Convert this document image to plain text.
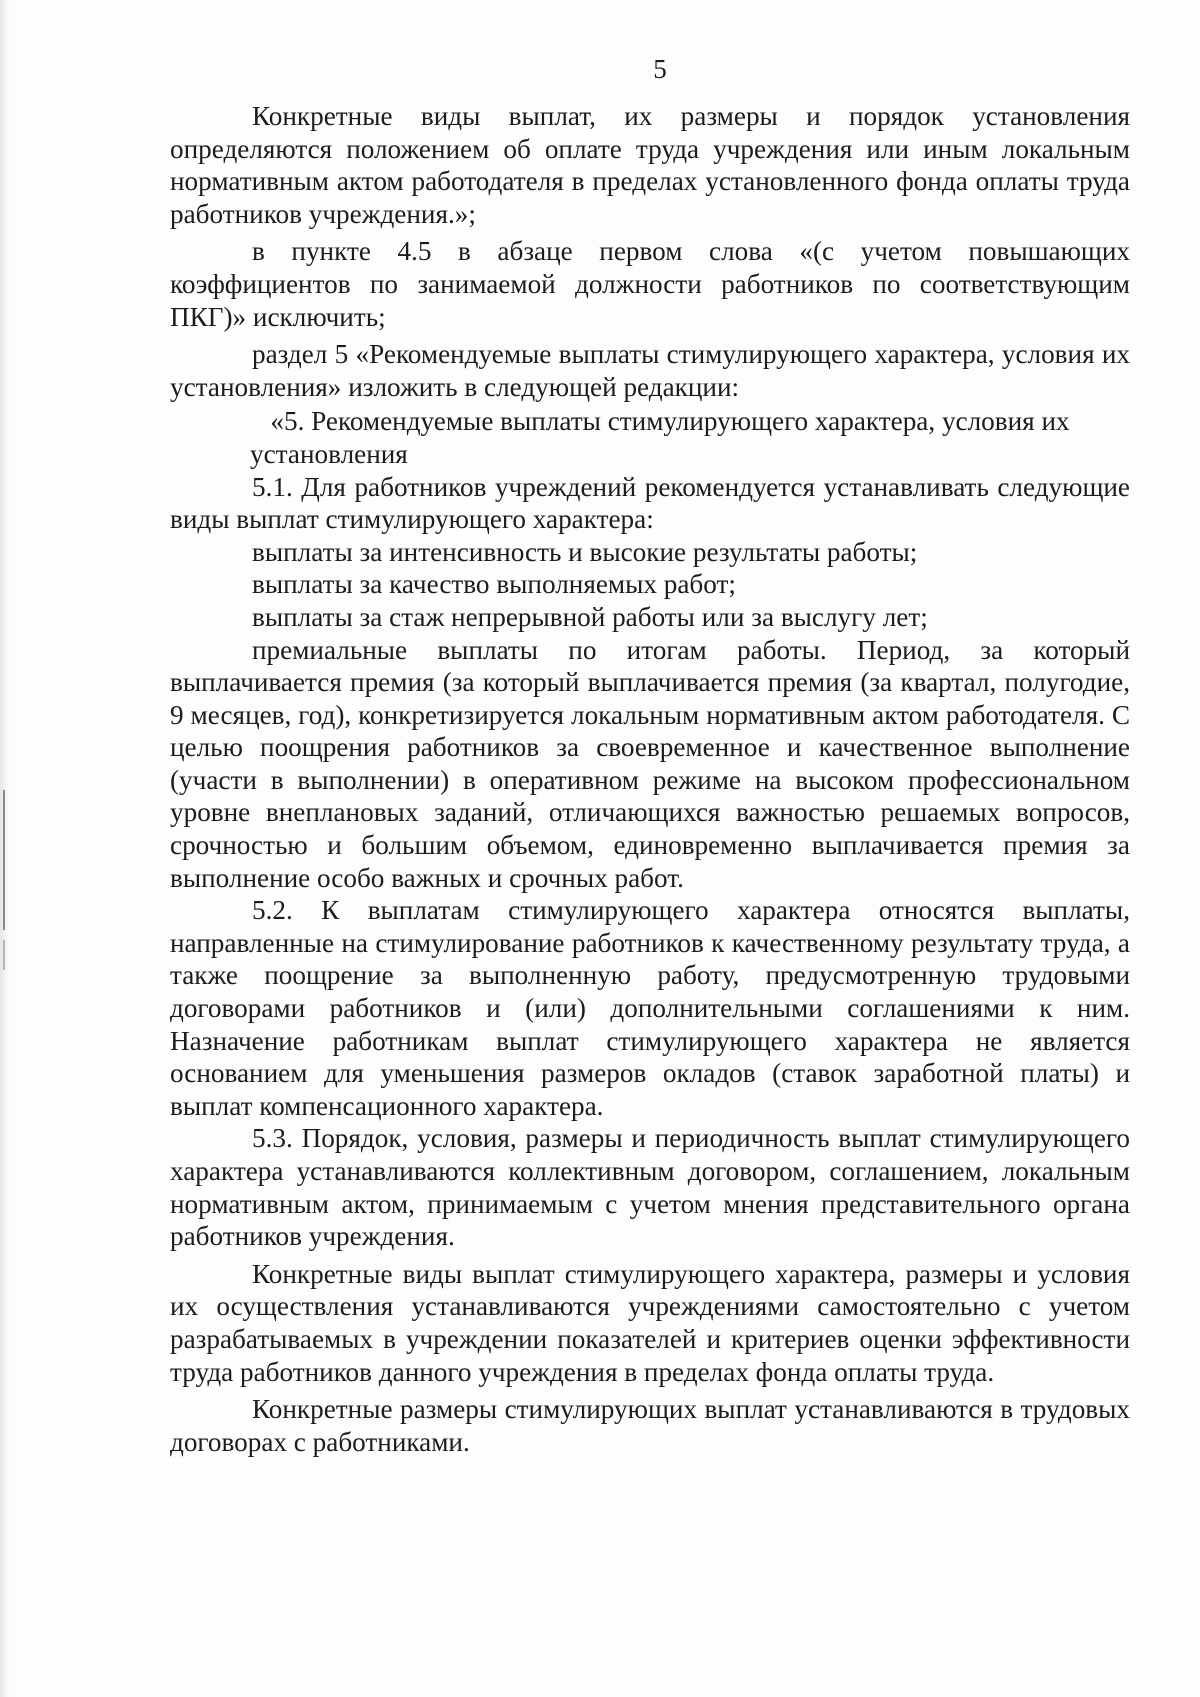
5

Конкретные виды выплат, их размеры и порядок установления определяются положением об оплате труда учреждения или иным локальным нормативным актом работодателя в пределах установленного фонда оплаты труда работников учреждения.»;

в пункте 4.5 в абзаце первом слова «(с учетом повышающих коэффициентов по занимаемой должности работников по соответствующим ПКГ)» исключить;

раздел 5 «Рекомендуемые выплаты стимулирующего характера, условия их установления» изложить в следующей редакции:

«5. Рекомендуемые выплаты стимулирующего характера, условия их установления

5.1. Для работников учреждений рекомендуется устанавливать следующие виды выплат стимулирующего характера:

выплаты за интенсивность и высокие результаты работы;

выплаты за качество выполняемых работ;

выплаты за стаж непрерывной работы или за выслугу лет;

премиальные выплаты по итогам работы. Период, за который выплачивается премия (за который выплачивается премия (за квартал, полугодие, 9 месяцев, год), конкретизируется локальным нормативным актом работодателя. С целью поощрения работников за своевременное и качественное выполнение (участи в выполнении) в оперативном режиме на высоком профессиональном уровне внеплановых заданий, отличающихся важностью решаемых вопросов, срочностью и большим объемом, единовременно выплачивается премия за выполнение особо важных и срочных работ.

5.2. К выплатам стимулирующего характера относятся выплаты, направленные на стимулирование работников к качественному результату труда, а также поощрение за выполненную работу, предусмотренную трудовыми договорами работников и (или) дополнительными соглашениями к ним. Назначение работникам выплат стимулирующего характера не является основанием для уменьшения размеров окладов (ставок заработной платы) и выплат компенсационного характера.

5.3. Порядок, условия, размеры и периодичность выплат стимулирующего характера устанавливаются коллективным договором, соглашением, локальным нормативным актом, принимаемым с учетом мнения представительного органа работников учреждения.

Конкретные виды выплат стимулирующего характера, размеры и условия их осуществления устанавливаются учреждениями самостоятельно с учетом разрабатываемых в учреждении показателей и критериев оценки эффективности труда работников данного учреждения в пределах фонда оплаты труда.

Конкретные размеры стимулирующих выплат устанавливаются в трудовых договорах с работниками.
